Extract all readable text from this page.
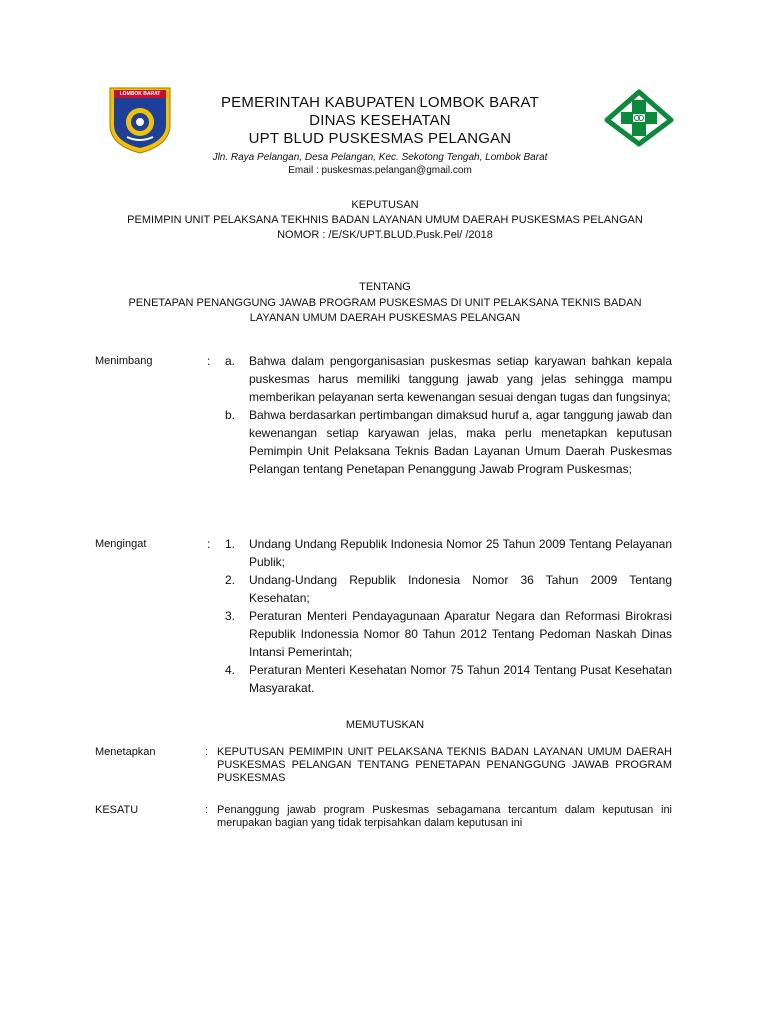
LOMBOK BARAT	PEMERINTAH KABUPATEN LOMBOK BARAT
DINAS KESEHATAN
UPT BLUD PUSKESMAS PELANGAN
Jln. Raya Pelangan, Desa Pelangan, Kec. Sekotong Tengah, Lombok Barat
Email : puskesmas.pelangan@gmail.com
KEPUTUSAN
PEMIMPIN UNIT PELAKSANA TEKHNIS BADAN LAYANAN UMUM DAERAH PUSKESMAS PELANGAN
NOMOR : /E/SK/UPT.BLUD.Pusk.Pel/ /2018
TENTANG
PENETAPAN PENANGGUNG JAWAB PROGRAM PUSKESMAS DI UNIT PELAKSANA TEKNIS BADAN
LAYANAN UMUM DAERAH PUSKESMAS PELANGAN
Menimbang	: a. Bahwa dalam pengorganisasian puskesmas setiap karyawan bahkan kepala puskesmas harus memiliki tanggung jawab yang jelas sehingga mampu memberikan pelayanan serta kewenangan sesuai dengan tugas dan fungsinya;
b. Bahwa berdasarkan pertimbangan dimaksud huruf a, agar tanggung jawab dan kewenangan setiap karyawan jelas, maka perlu menetapkan keputusan Pemimpin Unit Pelaksana Teknis Badan Layanan Umum Daerah Puskesmas Pelangan tentang Penetapan Penanggung Jawab Program Puskesmas;
Mengingat	: 1. Undang Undang Republik Indonesia Nomor 25 Tahun 2009 Tentang Pelayanan Publik;
2. Undang-Undang Republik Indonesia Nomor 36 Tahun 2009 Tentang Kesehatan;
3. Peraturan Menteri Pendayagunaan Aparatur Negara dan Reformasi Birokrasi Republik Indonessia Nomor 80 Tahun 2012 Tentang Pedoman Naskah Dinas Intansi Pemerintah;
4. Peraturan Menteri Kesehatan Nomor 75 Tahun 2014 Tentang Pusat Kesehatan Masyarakat.
MEMUTUSKAN
Menetapkan	: KEPUTUSAN PEMIMPIN UNIT PELAKSANA TEKNIS BADAN LAYANAN UMUM DAERAH PUSKESMAS PELANGAN TENTANG PENETAPAN PENANGGUNG JAWAB PROGRAM PUSKESMAS
KESATU	: Penanggung jawab program Puskesmas sebagamana tercantum dalam keputusan ini merupakan bagian yang tidak terpisahkan dalam keputusan ini
